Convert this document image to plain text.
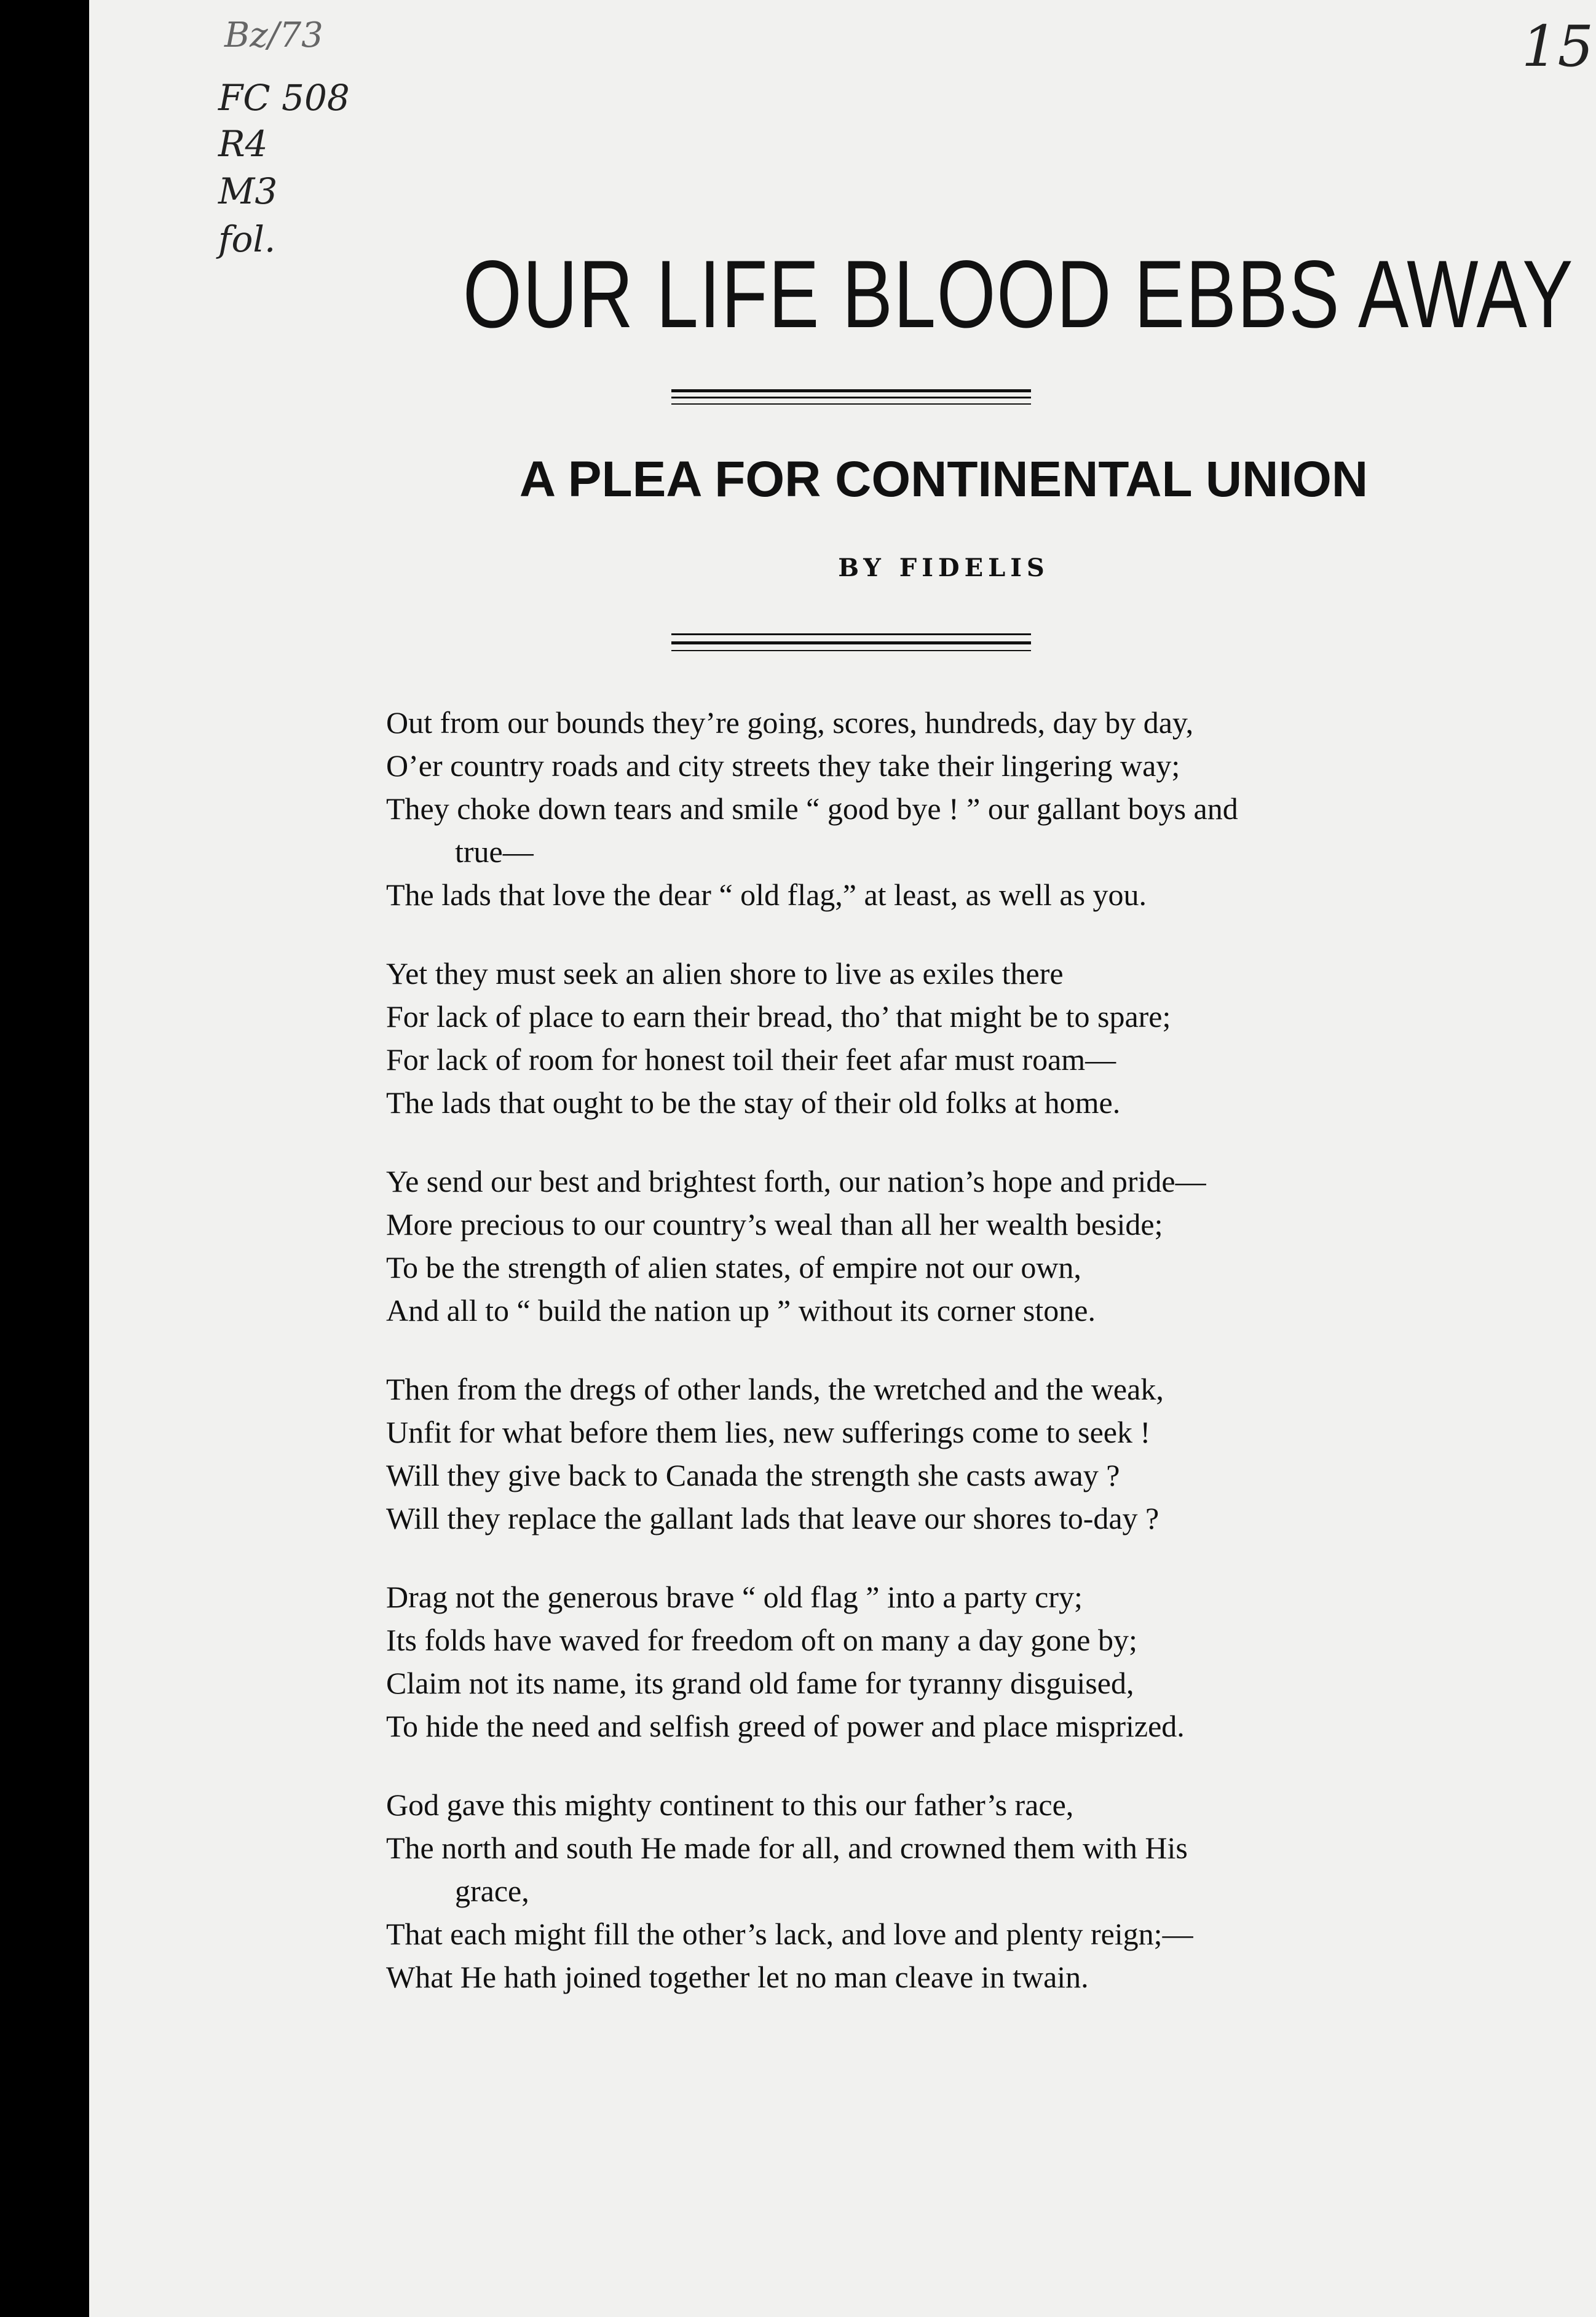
Bz/73
FC 508
R4
M3
fol.
15
OUR LIFE BLOOD EBBS AWAY
A PLEA FOR CONTINENTAL UNION
BY FIDELIS
Out from our bounds they’re going, scores, hundreds, day by day,
O’er country roads and city streets they take their lingering way;
They choke down tears and smile “ good bye ! ” our gallant boys and
true—
The lads that love the dear “ old flag,” at least, as well as you.
Yet they must seek an alien shore to live as exiles there
For lack of place to earn their bread, tho’ that might be to spare;
For lack of room for honest toil their feet afar must roam—
The lads that ought to be the stay of their old folks at home.
Ye send our best and brightest forth, our nation’s hope and pride—
More precious to our country’s weal than all her wealth beside;
To be the strength of alien states, of empire not our own,
And all to “ build the nation up ” without its corner stone.
Then from the dregs of other lands, the wretched and the weak,
Unfit for what before them lies, new sufferings come to seek !
Will they give back to Canada the strength she casts away ?
Will they replace the gallant lads that leave our shores to-day ?
Drag not the generous brave “ old flag ” into a party cry;
Its folds have waved for freedom oft on many a day gone by;
Claim not its name, its grand old fame for tyranny disguised,
To hide the need and selfish greed of power and place misprized.
God gave this mighty continent to this our father’s race,
The north and south He made for all, and crowned them with His
grace,
That each might fill the other’s lack, and love and plenty reign;—
What He hath joined together let no man cleave in twain.
